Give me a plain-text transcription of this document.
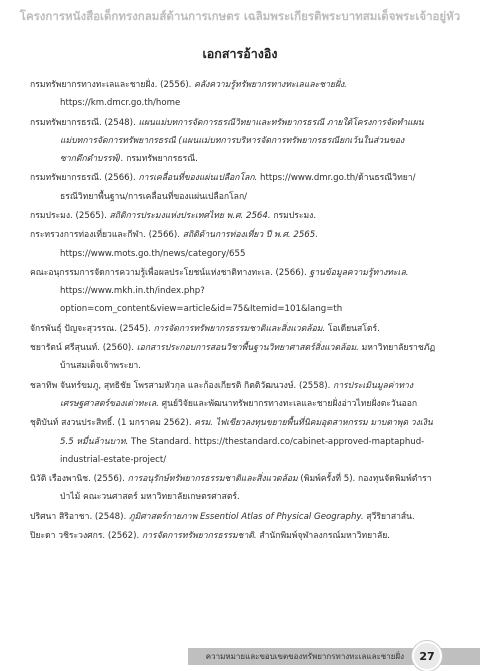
โครงการหนังสือเด็กทรงกลมส์ด้านการเกษตร เฉลิมพระเกียรติพระบาทสมเด็จพระเจ้าอยู่หัว
เอกสารอ้างอิง

กรมทรัพยากรทางทะเลและชายฝั่ง. (2556). คลังความรู้ทรัพยากรทางทะเลและชายฝั่ง. https://km.dmcr.go.th/home

กรมทรัพยากรธรณี. (2548). แผนแม่บทการจัดการธรณีวิทยาและทรัพยากรธรณี ภายใต้โครงการจัดทำแผนแม่บทการจัดการทรัพยากรธรณี (แผนแม่บทการบริหารจัดการทรัพยากรธรณียกเว้นในส่วนของซากดึกดำบรรพ์). กรมทรัพยากรธรณี.

กรมทรัพยากรธรณี. (2566). การเคลื่อนที่ของแผ่นเปลือกโลก. https://www.dmr.go.th/ด้านธรณีวิทยา/ธรณีวิทยาพื้นฐาน/การเคลื่อนที่ของแผ่นเปลือกโลก/

กรมประมง. (2565). สถิติการประมงแห่งประเทศไทย พ.ศ. 2564. กรมประมง.

กระทรวงการท่องเที่ยวและกีฬา. (2566). สถิติด้านการท่องเที่ยว ปี พ.ศ. 2565. https://www.mots.go.th/news/category/655

คณะอนุกรรมการจัดการความรู้เพื่อผลประโยชน์แห่งชาติทางทะเล. (2566). ฐานข้อมูลความรู้ทางทะเล. https://www.mkh.in.th/index.php?option=com_content&view=article&id=75&Itemid=101&lang=th

จักรพันธุ์ ปัญจะสุวรรณ. (2545). การจัดการทรัพยากรธรรมชาติและสิ่งแวดล้อม. โอเดียนสโตร์.

ชยารัตน์ ศรีสุนนท์. (2560). เอกสารประกอบการสอนวิชาพื้นฐานวิทยาศาสตร์สิ่งแวดล้อม. มหาวิทยาลัยราชภัฏบ้านสมเด็จเจ้าพระยา.

ชลาทิพ จันทร์ขมภู, สุทธิชัย โพรสามหัวกุล และก้องเกียรติ กิตติวัฒนวงษ์. (2558). การประเมินมูลค่าทางเศรษฐศาสตร์ของเต่าทะเล. ศูนย์วิจัยและพัฒนาทรัพยากรทางทะเลและชายฝั่งอ่าวไทยฝั่งตะวันออก

ชุติบันท์ สงวนประสิทธิ์. (1 มกราคม 2562). ครม. ไฟเขียวลงทุนขยายพื้นที่นิคมอุตสาหกรรม มาบตาพุด วงเงิน 5.5 หมื่นล้านบาท. The Standard. https://thestandard.co/cabinet-approved-maptaphud-industrial-estate-project/

นิวัติ เรืองพานิช. (2556). การอนุรักษ์ทรัพยากรธรรมชาติและสิ่งแวดล้อม (พิมพ์ครั้งที่ 5). กองทุนจัดพิมพ์ตำราป่าไม้ คณะวนศาสตร์ มหาวิทยาลัยเกษตรศาสตร์.

ปริศนา สิริอาชา. (2548). ภูมิศาสตร์กายภาพ Essentiol Atlas of Physical Geography. สุวีริยาสาส์น.

ปิยะดา วชิระวงศกร. (2562). การจัดการทรัพยากรธรรมชาติ. สำนักพิมพ์จุฬาลงกรณ์มหาวิทยาลัย.

ความหมายและขอบเขตของทรัพยากรทางทะเลและชายฝั่ง	27
